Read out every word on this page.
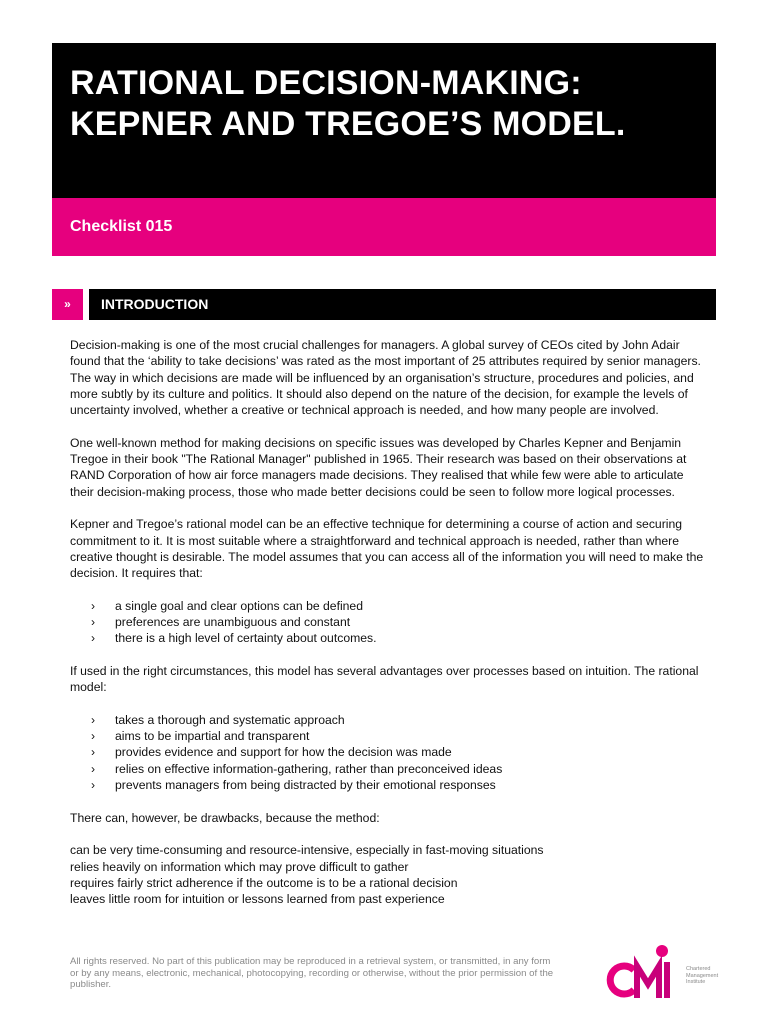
RATIONAL DECISION-MAKING: KEPNER AND TREGOE’S MODEL.
Checklist 015
»	INTRODUCTION

Decision-making is one of the most crucial challenges for managers. A global survey of CEOs cited by John Adair found that the ‘ability to take decisions’ was rated as the most important of 25 attributes required by senior managers. The way in which decisions are made will be influenced by an organisation’s structure, procedures and policies, and more subtly by its culture and politics. It should also depend on the nature of the decision, for example the levels of uncertainty involved, whether a creative or technical approach is needed, and how many people are involved.

One well-known method for making decisions on specific issues was developed by Charles Kepner and Benjamin Tregoe in their book "The Rational Manager" published in 1965. Their research was based on their observations at RAND Corporation of how air force managers made decisions. They realised that while few were able to articulate their decision-making process, those who made better decisions could be seen to follow more logical processes.

Kepner and Tregoe’s rational model can be an effective technique for determining a course of action and securing commitment to it. It is most suitable where a straightforward and technical approach is needed, rather than where creative thought is desirable. The model assumes that you can access all of the information you will need to make the decision. It requires that:

› a single goal and clear options can be defined
› preferences are unambiguous and constant
› there is a high level of certainty about outcomes.

If used in the right circumstances, this model has several advantages over processes based on intuition. The rational model:

› takes a thorough and systematic approach
› aims to be impartial and transparent
› provides evidence and support for how the decision was made
› relies on effective information-gathering, rather than preconceived ideas
› prevents managers from being distracted by their emotional responses

There can, however, be drawbacks, because the method:

can be very time-consuming and resource-intensive, especially in fast-moving situations
relies heavily on information which may prove difficult to gather
requires fairly strict adherence if the outcome is to be a rational decision
leaves little room for intuition or lessons learned from past experience
All rights reserved. No part of this publication may be reproduced in a retrieval system, or transmitted, in any form or by any means, electronic, mechanical, photocopying, recording or otherwise, without the prior permission of the publisher.
Chartered
Management
Institute
